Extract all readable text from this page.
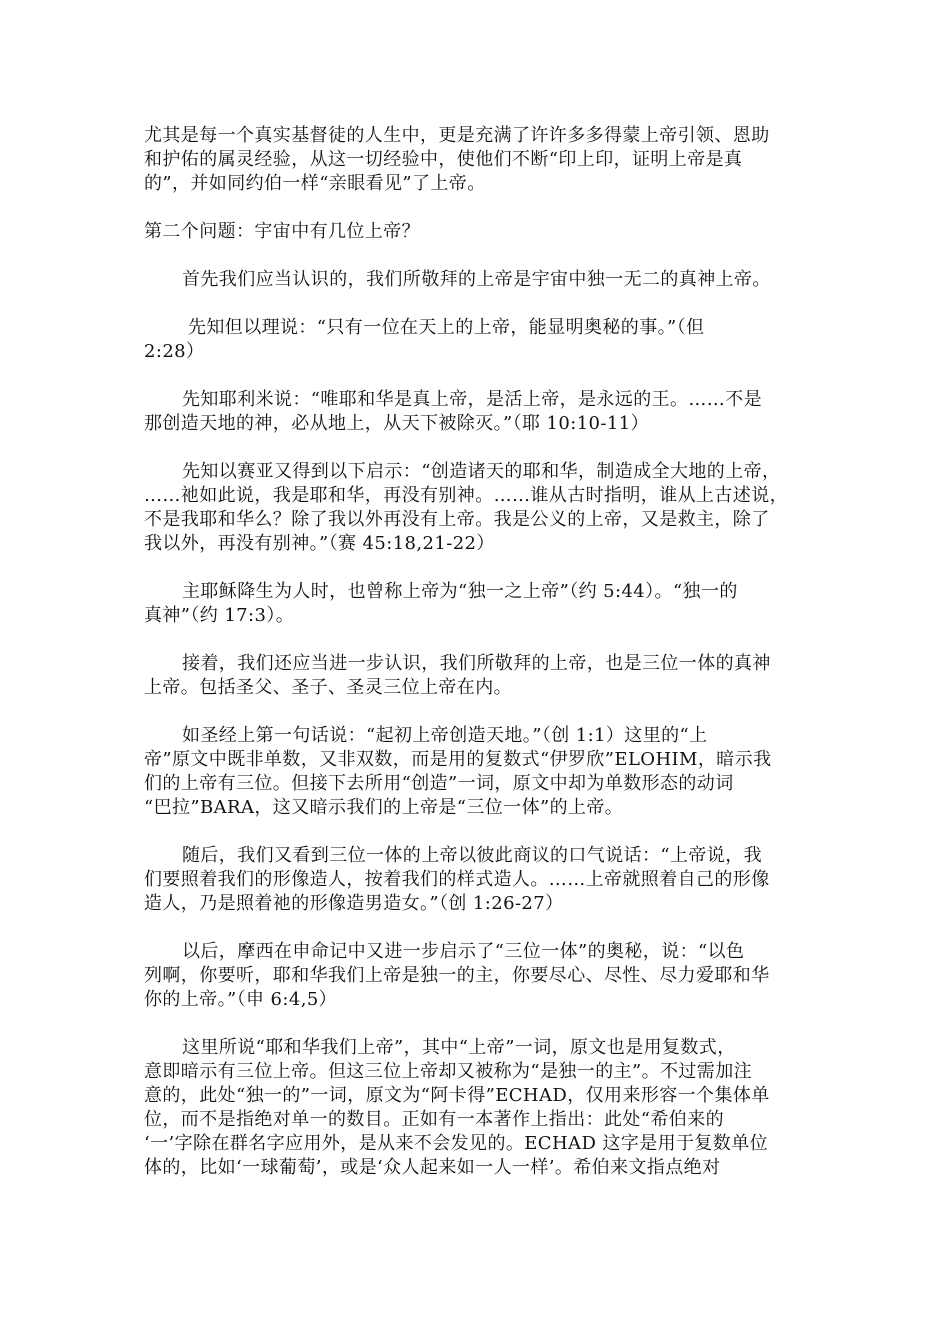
尤其是每一个真实基督徒的人生中，更是充满了许许多多得蒙上帝引领、恩助
和护佑的属灵经验，从这一切经验中，使他们不断“印上印，证明上帝是真
的”，并如同约伯一样“亲眼看见”了上帝。

第二个问题：宇宙中有几位上帝？

首先我们应当认识的，我们所敬拜的上帝是宇宙中独一无二的真神上帝。

先知但以理说：“只有一位在天上的上帝，能显明奥秘的事。”（但
2:28）

先知耶利米说：“唯耶和华是真上帝，是活上帝，是永远的王。……不是
那创造天地的神，必从地上，从天下被除灭。”（耶 10:10-11）

先知以赛亚又得到以下启示：“创造诸天的耶和华，制造成全大地的上帝，
……祂如此说，我是耶和华，再没有别神。……谁从古时指明，谁从上古述说，
不是我耶和华么？除了我以外再没有上帝。我是公义的上帝，又是救主，除了
我以外，再没有别神。”（赛 45:18,21-22）

主耶稣降生为人时，也曾称上帝为“独一之上帝”（约 5:44）。“独一的
真神”（约 17:3）。

接着，我们还应当进一步认识，我们所敬拜的上帝，也是三位一体的真神
上帝。包括圣父、圣子、圣灵三位上帝在内。

如圣经上第一句话说：“起初上帝创造天地。”（创 1:1）这里的“上
帝”原文中既非单数，又非双数，而是用的复数式“伊罗欣”ELOHIM，暗示我
们的上帝有三位。但接下去所用“创造”一词，原文中却为单数形态的动词
“巴拉”BARA，这又暗示我们的上帝是“三位一体”的上帝。

随后，我们又看到三位一体的上帝以彼此商议的口气说话：“上帝说，我
们要照着我们的形像造人，按着我们的样式造人。……上帝就照着自己的形像
造人，乃是照着祂的形像造男造女。”（创 1:26-27）

以后，摩西在申命记中又进一步启示了“三位一体”的奥秘，说：“以色
列啊，你要听，耶和华我们上帝是独一的主，你要尽心、尽性、尽力爱耶和华
你的上帝。”（申 6:4,5）

这里所说“耶和华我们上帝”，其中“上帝”一词，原文也是用复数式，
意即暗示有三位上帝。但这三位上帝却又被称为“是独一的主”。不过需加注
意的，此处“独一的”一词，原文为“阿卡得”ECHAD，仅用来形容一个集体单
位，而不是指绝对单一的数目。正如有一本著作上指出：此处“希伯来的
‘一’字除在群名字应用外，是从来不会发见的。ECHAD 这字是用于复数单位
体的，比如‘一球葡萄’，或是‘众人起来如一人一样’。希伯来文指点绝对
